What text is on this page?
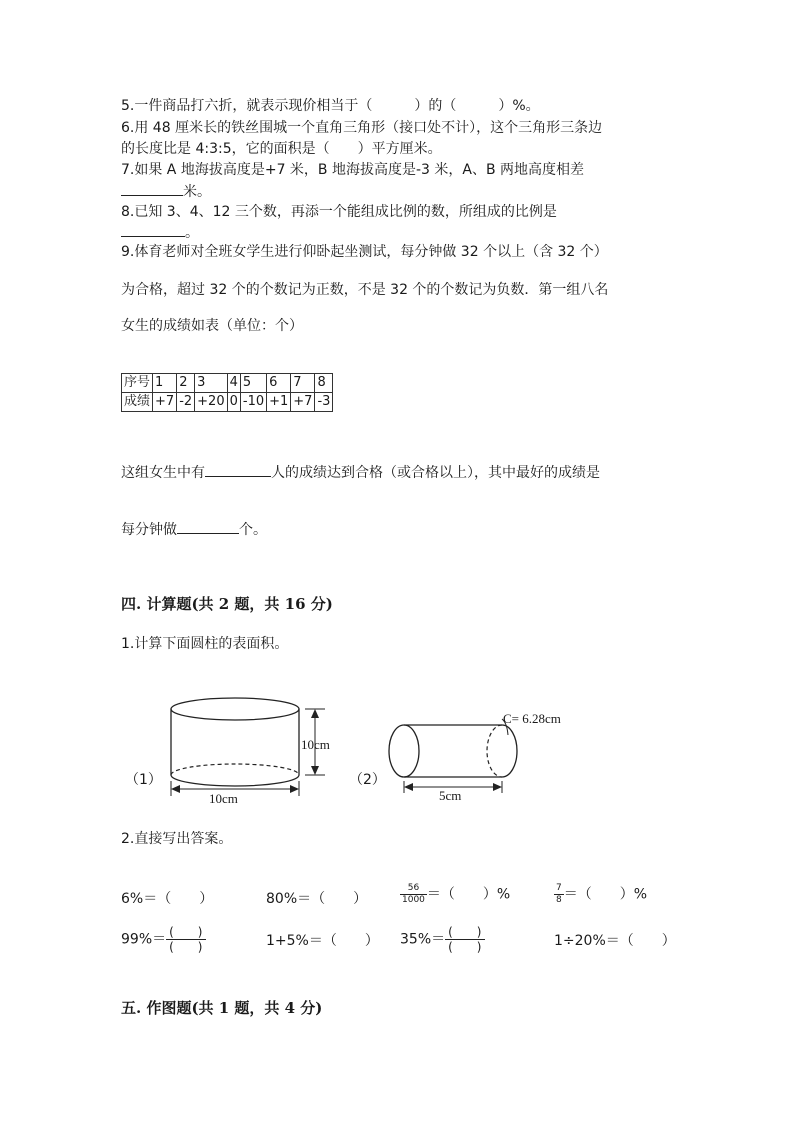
5.一件商品打六折，就表示现价相当于（　　　）的（　　　）%。
6.用 48 厘米长的铁丝围城一个直角三角形（接口处不计），这个三角形三条边
的长度比是 4:3:5，它的面积是（　　）平方厘米。
7.如果 A 地海拔高度是+7 米，B 地海拔高度是-3 米，A、B 两地高度相差
米。
8.已知 3、4、12 三个数，再添一个能组成比例的数，所组成的比例是
。
9.体育老师对全班女学生进行仰卧起坐测试，每分钟做 32 个以上（含 32 个）
为合格，超过 32 个的个数记为正数，不是 32 个的个数记为负数．第一组八名
女生的成绩如表（单位：个）
序号	1	2	3	4	5	6	7	8
成绩	+7	-2	+20	0	-10	+1	+7	-3
这组女生中有	人的成绩达到合格（或合格以上），其中最好的成绩是
每分钟做	个。
四. 计算题(共 2 题，共 16 分)
1.计算下面圆柱的表面积。
（1）
10cm
10cm
（2）
C= 6.28cm
5cm
2.直接写出答案。
6%＝（　　）	80%＝（　　）	$\frac{56}{1000}$ ＝（　　）%	$\frac{7}{8}$ ＝（　　）%
$99\%= \frac{( )}{( )}$	1+5%＝（　　） $35\%= \frac{( )}{( )}$	1÷20%＝（　　）
五. 作图题(共 1 题，共 4 分)
